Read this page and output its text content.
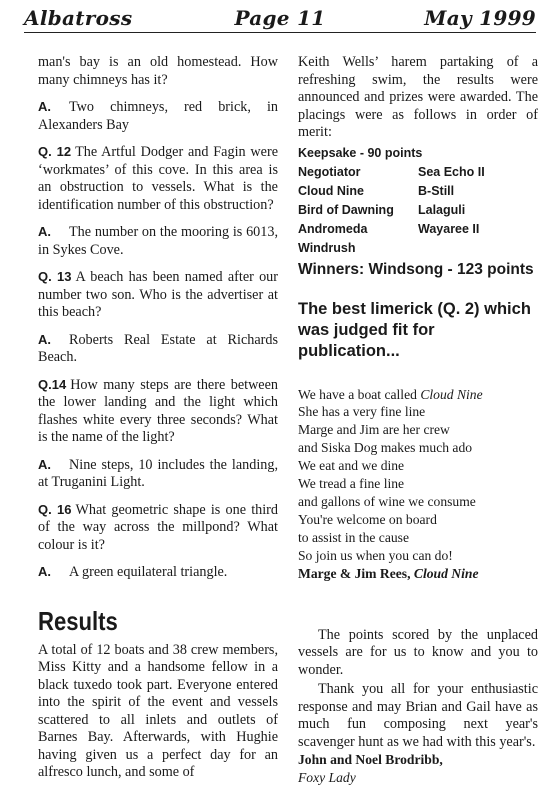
Albatross	Page 11	May 1999

man's bay is an old homestead. How many chimneys has it?

A. Two chimneys, red brick, in Alexanders Bay

Q. 12 The Artful Dodger and Fagin were ‘workmates’ of this cove. In this area is an obstruction to vessels. What is the identification number of this obstruction?

A. The number on the mooring is 6013, in Sykes Cove.

Q. 13 A beach has been named after our number two son. Who is the advertiser at this beach?

A. Roberts Real Estate at Richards Beach.

Q.14 How many steps are there between the lower landing and the light which flashes white every three seconds? What is the name of the light?

A. Nine steps, 10 includes the landing, at Truganini Light.

Q. 16 What geometric shape is one third of the way across the millpond? What colour is it?

A. A green equilateral triangle.

Results

A total of 12 boats and 38 crew members, Miss Kitty and a handsome fellow in a black tuxedo took part. Everyone entered into the spirit of the event and vessels scattered to all inlets and outlets of Barnes Bay. Afterwards, with Hughie having given us a perfect day for an alfresco lunch, and some of

Keith Wells’ harem partaking of a refreshing swim, the results were announced and prizes were awarded. The placings were as follows in order of merit:

Keepsake - 90 points
Negotiator	Sea Echo II
Cloud Nine	B-Still
Bird of Dawning	Lalaguli
Andromeda	Wayaree II
Windrush
Winners: Windsong - 123 points
The best limerick (Q. 2) which was judged fit for publication...
We have a boat called Cloud Nine
She has a very fine line
Marge and Jim are her crew
and Siska Dog makes much ado
We eat and we dine
We tread a fine line
and gallons of wine we consume
You're welcome on board
to assist in the cause
So join us when you can do!
Marge & Jim Rees, Cloud Nine

The points scored by the unplaced vessels are for us to know and you to wonder.

Thank you all for your enthusiastic response and may Brian and Gail have as much fun composing next year's scavenger hunt as we had with this year's.

John and Noel Brodribb,
Foxy Lady
